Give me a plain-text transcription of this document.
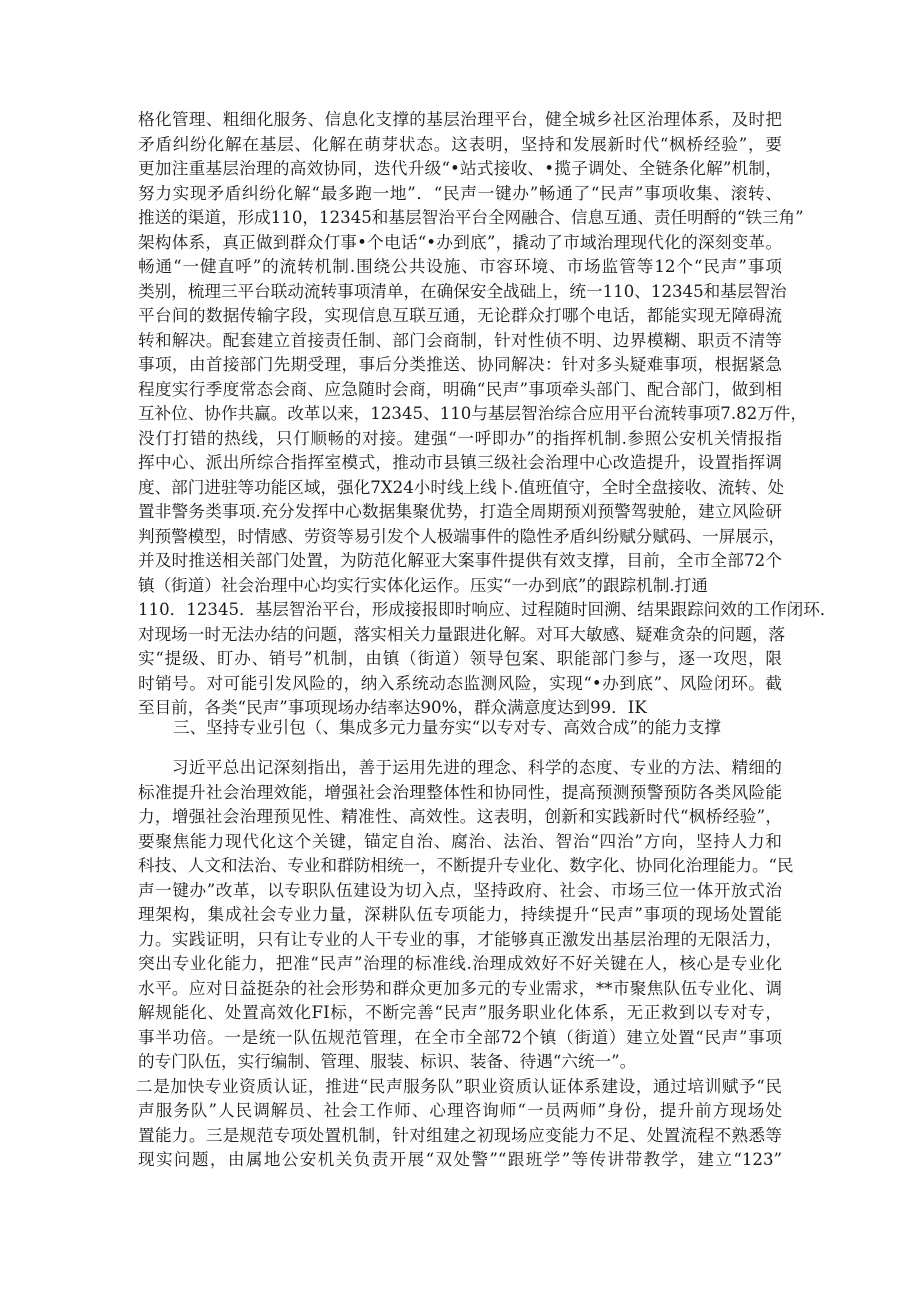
格化管理、粗细化服务、信息化支撑的基层治理平台，健全城乡社区治理体系，及时把
矛盾纠纷化解在基层、化解在萌芽状态。这表明，坚持和发展新时代“枫桥经验”，要
更加注重基层治理的高效协同，迭代升级“•站式接收、•揽子调处、全链条化解”机制，
努力实现矛盾纠纷化解“最多跑一地”．“民声一键办”畅通了“民声”事项收集、滚转、
推送的渠道，形成110，12345和基层智治平台全网融合、信息互通、责任明酹的“铁三角”
架构体系，真正做到群众仃事•个电话“•办到底”，撬动了市域治理现代化的深刻变革。
畅通“一健直呼”的流转机制.围绕公共设施、市容环境、市场监管等12个“民声”事项
类别，梳理三平台联动流转事项清单，在确保安全战础上，统一110、12345和基层智治
平台间的数据传输字段，实现信息互联互通，无论群众打哪个电话，都能实现无障碍流
转和解决。配套建立首接责任制、部门会商制，针对性侦不明、边界模糊、职贡不清等
事项，由首接部门先期受理，事后分类推送、协同解决：针对多头疑难事项，根据紧急
程度实行季度常态会商、应急随时会商，明确“民声”事项牵头部门、配合部门，做到相
互补位、协作共赢。改革以来，12345、110与基层智治综合应用平台流转事项7.82万件，
没仃打错的热线，只仃顺畅的对接。建强“一呼即办”的指挥机制.参照公安机关情报指
挥中心、派出所综合指挥室模式，推动市县镇三级社会治理中心改造提升，设置指挥调
度、部门进驻等功能区域，强化7X24小时线上线卜.值班值守，全时全盘接收、流转、处
置非警务类事项.充分发挥中心数据集聚优势，打造全周期预刈预警驾驶舱，建立风险研
判预警模型，时情感、劳资等易引发个人极端事件的隐性矛盾纠纷赋分赋码、一屏展示，
并及时推送相关部门处置，为防范化解亚大案事件提供有效支撑，目前，全市全部72个
镇（街道）社会治理中心均实行实体化运作。压实“一办到底”的跟踪机制.打通
110．12345．基层智治平台，形成接报即时响应、过程随时回溯、结果跟踪问效的工作闭环．
对现场一时无法办结的问题，落实相关力量跟进化解。对耳大敏感、疑难贪杂的问题，落
实“提级、盯办、销号”机制，由镇（街道）领导包案、职能部门参与，逐一攻咫，限
时销号。对可能引发风险的，纳入系统动态监测风险，实现“•办到底”、风险闭环。截
至目前，各类“民声”事项现场办结率达90%，群众满意度达到99．IK
三、坚持专业引包（、集成多元力量夯实“以专对专、高效合成”的能力支撑
　　习近平总出记深刻指出，善于运用先进的理念、科学的态度、专业的方法、精细的
标准提升社会治理效能，增强社会治理整体性和协同性，提高预测预警预防各类风险能
力，增强社会治理预见性、精准性、高效性。这表明，创新和实践新时代“枫桥经验”，
要聚焦能力现代化这个关键，锚定自治、腐治、法治、智治“四治”方向，坚持人力和
科技、人文和法治、专业和群防相统一，不断提升专业化、数字化、协同化治理能力。“民
声一键办”改革，以专职队伍建设为切入点，坚持政府、社会、市场三位一体开放式治
理架构，集成社会专业力量，深耕队伍专项能力，持续提升“民声”事项的现场处置能
力。实践证明，只有让专业的人干专业的事，才能够真正激发出基层治理的无限活力，
突出专业化能力，把准“民声”治理的标准线.治理成效好不好关键在人，核心是专业化
水平。应对日益挺杂的社会形势和群众更加多元的专业需求，**市聚焦队伍专业化、调
解规能化、处置高效化FI标，不断完善“民声”服务职业化体系，无正救到以专对专，
事半功倍。一是统一队伍规范管理，在全市全部72个镇（街道）建立处置“民声”事项
的专门队伍，实行编制、管理、服装、标识、装备、待遇“六统一”。
二是加快专业资质认证，推进“民声服务队”职业资质认证体系建设，通过培训赋予“民
声服务队”人民调解员、社会工作师、心理咨询师“一员两师”身份，提升前方现场处
置能力。三是规范专项处置机制，针对组建之初现场应变能力不足、处置流程不熟悉等
现实问题，由属地公安机关负责开展“双处警”“跟班学”等传讲带教学，建立“123”
